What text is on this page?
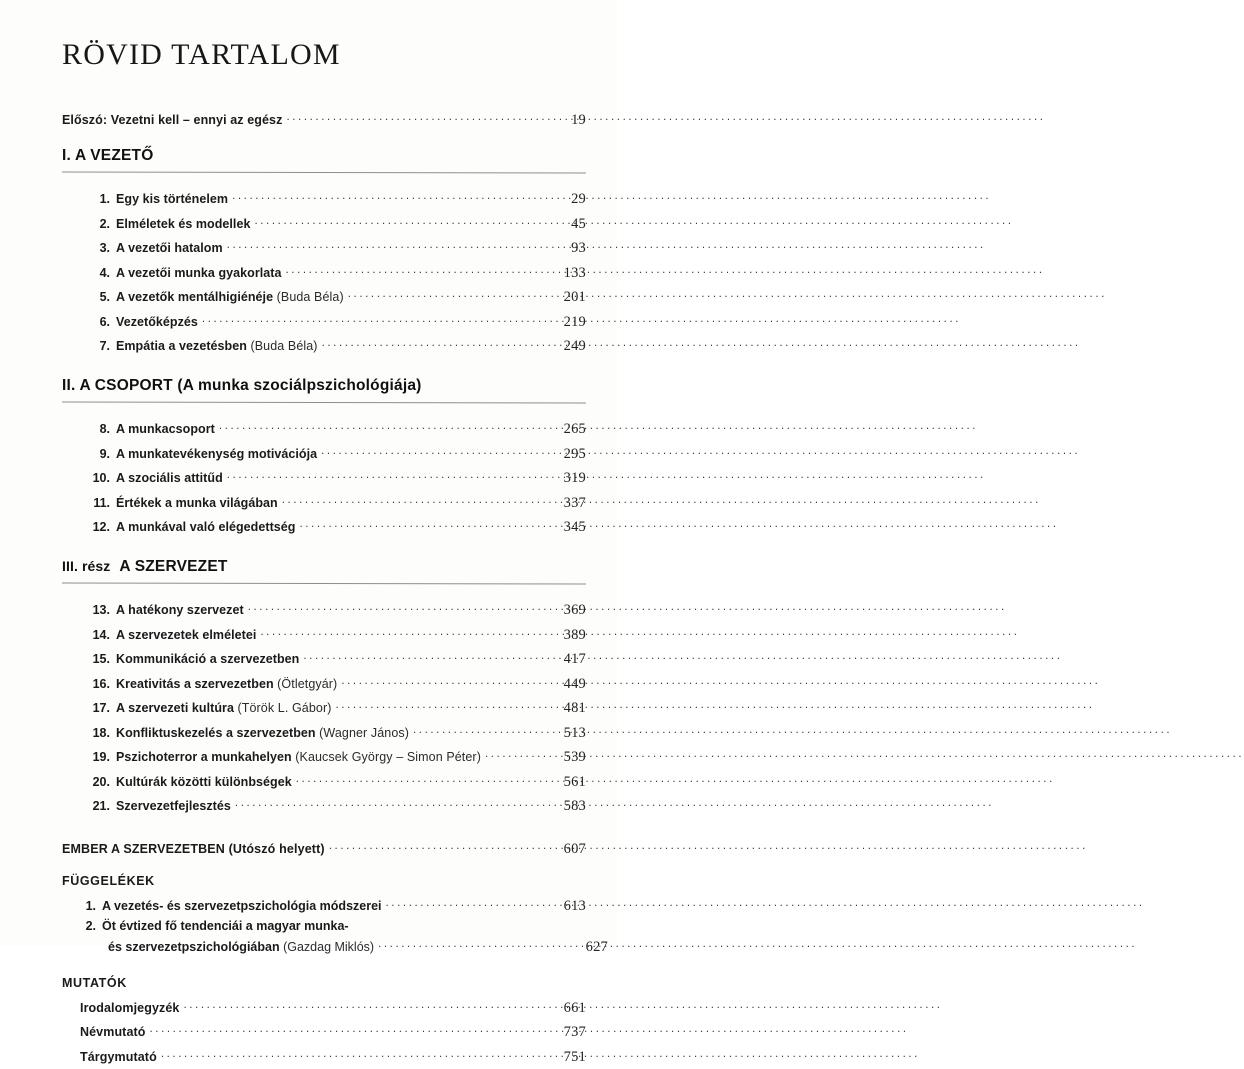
RÖVID TARTALOM
Előszó: Vezetni kell – ennyi az egész .....	19
I. A VEZETŐ
1. Egy kis történelem .....	29
2. Elméletek és modellek .....	45
3. A vezetői hatalom .....	93
4. A vezetői munka gyakorlata .....	133
5. A vezetők mentálhigiénéje (Buda Béla) .....	201
6. Vezetőképzés .....	219
7. Empátia a vezetésben (Buda Béla) .....	249
II. A CSOPORT (A munka szociálpszichológiája)
8. A munkacsoport .....	265
9. A munkatevékenység motivációja .....	295
10. A szociális attitűd .....	319
11. Értékek a munka világában .....	337
12. A munkával való elégedettség .....	345
III. rész A SZERVEZET
13. A hatékony szervezet .....	369
14. A szervezetek elméletei .....	389
15. Kommunikáció a szervezetben .....	417
16. Kreativitás a szervezetben (Ötletgyár) .....	449
17. A szervezeti kultúra (Török L. Gábor) .....	481
18. Konfliktuskezelés a szervezetben (Wagner János) .....	513
19. Pszichoterror a munkahelyen (Kaucsek György – Simon Péter) .....	539
20. Kultúrák közötti különbségek .....	561
21. Szervezetfejlesztés .....	583
EMBER A SZERVEZETBEN (Utószó helyett) .....	607
FÜGGELÉKEK
1. A vezetés- és szervezetpszichológia módszerei .....	613
2. Öt évtized fő tendenciái a magyar munka-
és szervezetpszichológiában (Gazdag Miklós) .....	627
MUTATÓK
Irodalomjegyzék .....	661
Névmutató .....	737
Tárgymutató .....	751
